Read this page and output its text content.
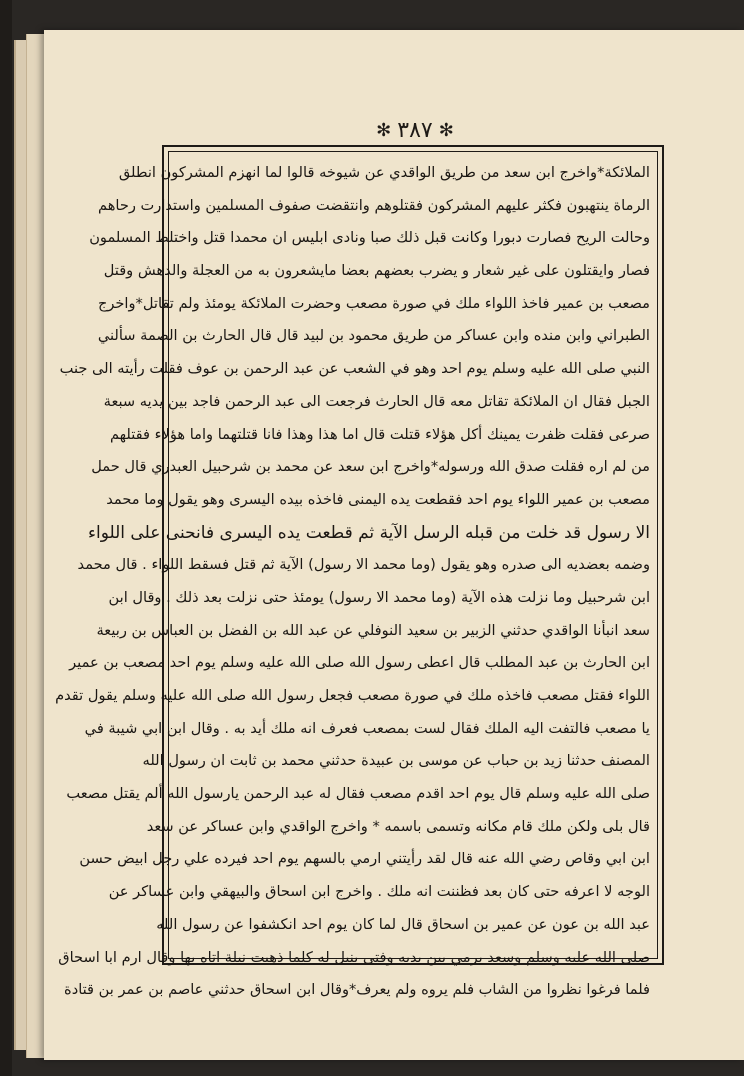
✻ ٣٨٧ ✻
الملائكة*واخرج ابن سعد من طريق الواقدي عن شيوخه قالوا لما انهزم المشركون انطلق
الرماة ينتهبون فكثر عليهم المشركون فقتلوهم وانتقضت صفوف المسلمين واستدارت رحاهم
وحالت الريح فصارت دبورا وكانت قبل ذلك صبا ونادى ابليس ان محمدا قتل واختلط المسلمون
فصار وايقتلون على غير شعار و يضرب بعضهم بعضا مايشعرون به من العجلة والدهش وقتل
مصعب بن عمير فاخذ اللواء ملك في صورة مصعب وحضرت الملائكة يومئذ ولم تقاتل*واخرج
الطبراني وابن منده وابن عساكر من طريق محمود بن لبيد قال قال الحارث بن الصمة سألني
النبي صلى الله عليه وسلم يوم احد وهو في الشعب عن عبد الرحمن بن عوف فقلت رأيته الى جنب
الجبل فقال ان الملائكة تقاتل معه قال الحارث فرجعت الى عبد الرحمن فاجد بين يديه سبعة
صرعى فقلت ظفرت يمينك أكل هؤلاء قتلت قال اما هذا وهذا فانا قتلتهما واما هؤلاء فقتلهم
من لم اره فقلت صدق الله ورسوله*واخرج ابن سعد عن محمد بن شرحبيل العبدري قال حمل
مصعب بن عمير اللواء يوم احد فقطعت يده اليمنى فاخذه بيده اليسرى وهو يقول وما محمد
الا رسول قد خلت من قبله الرسل الآية ثم قطعت يده اليسرى فانحنى على اللواء
وضمه بعضديه الى صدره وهو يقول (وما محمد الا رسول) الآية ثم قتل فسقط اللواء . قال محمد
ابن شرحبيل وما نزلت هذه الآية (وما محمد الا رسول) يومئذ حتى نزلت بعد ذلك . وقال ابن
سعد انبأنا الواقدي حدثني الزبير بن سعيد النوفلي عن عبد الله بن الفضل بن العباس بن ربيعة
ابن الحارث بن عبد المطلب قال اعطى رسول الله صلى الله عليه وسلم يوم احد مصعب بن عمير
اللواء فقتل مصعب فاخذه ملك في صورة مصعب فجعل رسول الله صلى الله عليه وسلم يقول تقدم
يا مصعب فالتفت اليه الملك فقال لست بمصعب فعرف انه ملك أيد به . وقال ابن ابي شيبة في
المصنف حدثنا زيد بن حباب عن موسى بن عبيدة حدثني محمد بن ثابت ان رسول الله
صلى الله عليه وسلم قال يوم احد اقدم مصعب فقال له عبد الرحمن يارسول الله ألم يقتل مصعب
قال بلى ولكن ملك قام مكانه وتسمى باسمه * واخرج الواقدي وابن عساكر عن سعد
ابن ابي وقاص رضي الله عنه قال لقد رأيتني ارمي بالسهم يوم احد فيرده علي رجل ابيض حسن
الوجه لا اعرفه حتى كان بعد فظننت انه ملك . واخرج ابن اسحاق والبيهقي وابن عساكر عن
عبد الله بن عون عن عمير بن اسحاق قال لما كان يوم احد انكشفوا عن رسول الله
صلى الله عليه وسلم وسعد يرمي بين يديه وفتى ينبل له كلما ذهبت نبلة اتاه بها وقال ارم ابا اسحاق
فلما فرغوا نظروا من الشاب فلم يروه ولم يعرف*وقال ابن اسحاق حدثني عاصم بن عمر بن قتادة
